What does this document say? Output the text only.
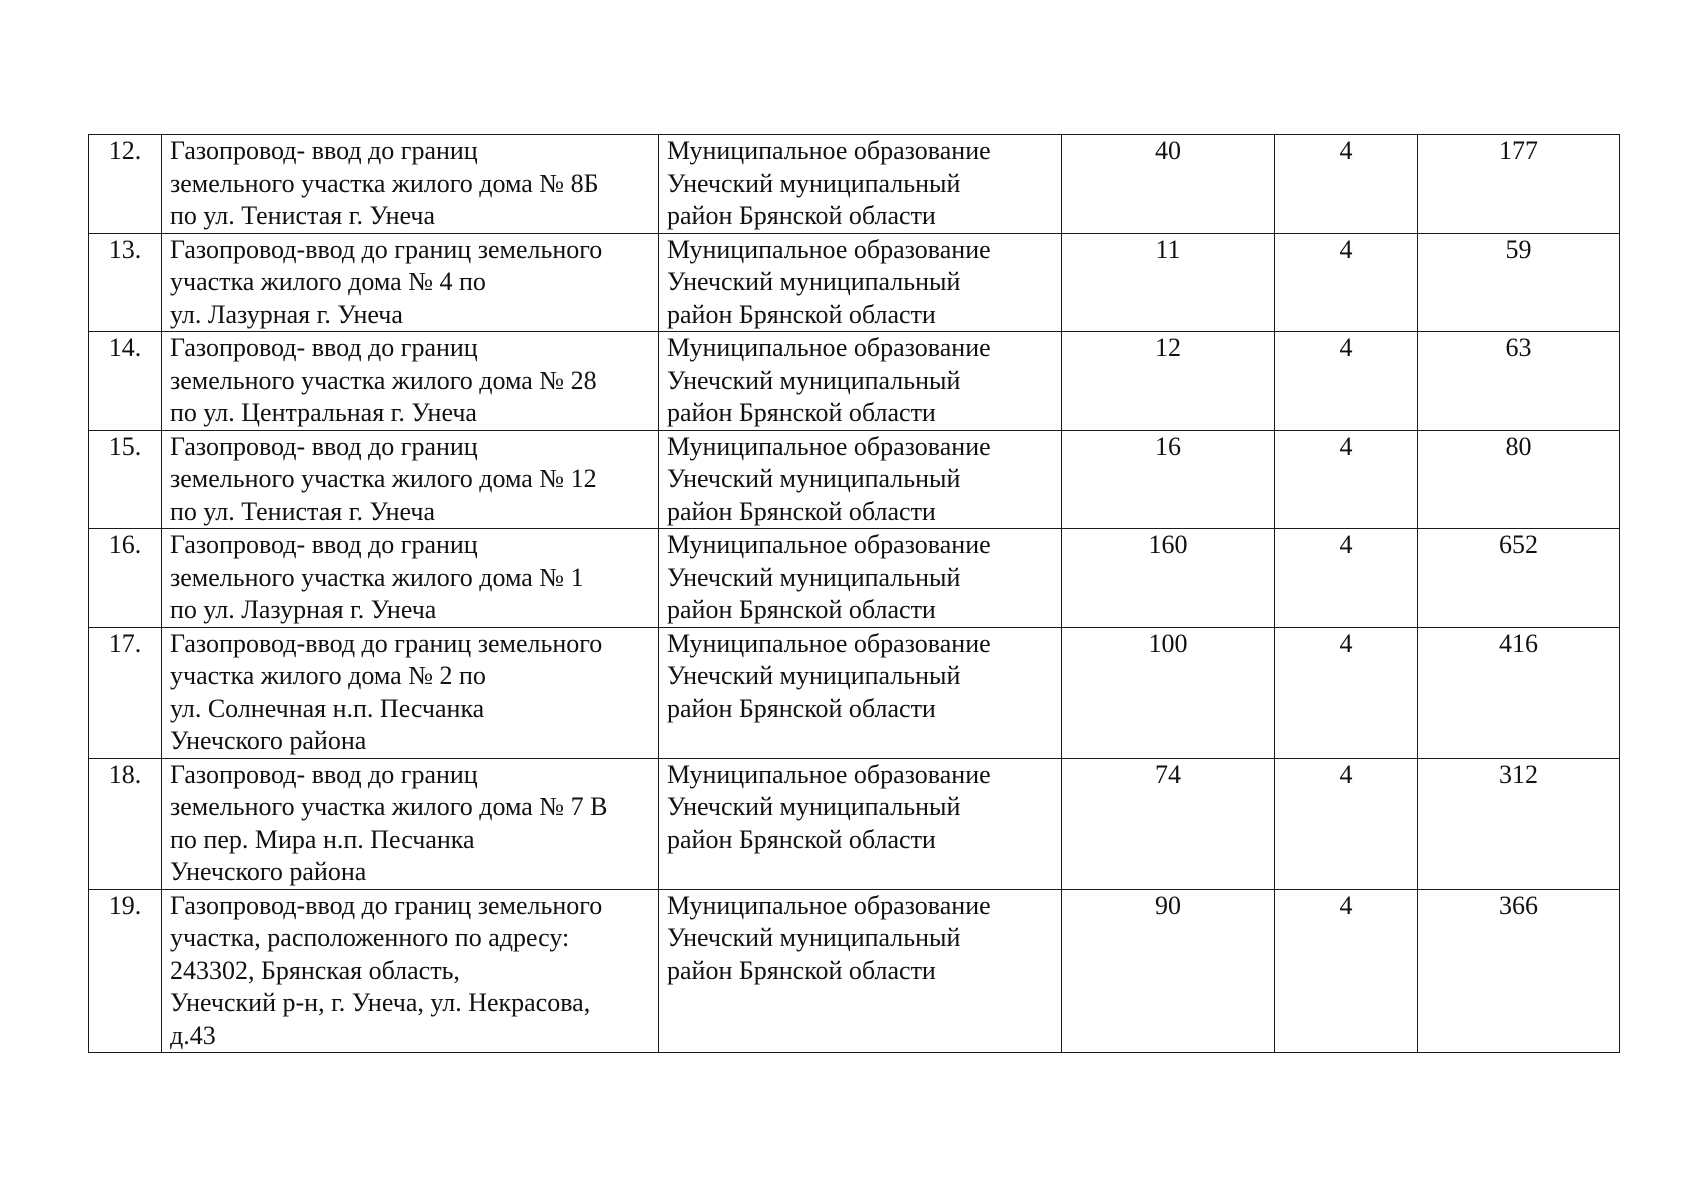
12.	Газопровод- ввод до границ
земельного участка жилого дома № 8Б
по ул. Тенистая г. Унеча	Муниципальное образование
Унечский муниципальный
район Брянской области	40	4	177
13.	Газопровод-ввод до границ земельного
участка жилого дома № 4 по
ул. Лазурная г. Унеча	Муниципальное образование
Унечский муниципальный
район Брянской области	11	4	59
14.	Газопровод- ввод до границ
земельного участка жилого дома № 28
по ул. Центральная г. Унеча	Муниципальное образование
Унечский муниципальный
район Брянской области	12	4	63
15.	Газопровод- ввод до границ
земельного участка жилого дома № 12
по ул. Тенистая г. Унеча	Муниципальное образование
Унечский муниципальный
район Брянской области	16	4	80
16.	Газопровод- ввод до границ
земельного участка жилого дома № 1
по ул. Лазурная г. Унеча	Муниципальное образование
Унечский муниципальный
район Брянской области	160	4	652
17.	Газопровод-ввод до границ земельного
участка жилого дома № 2 по
ул. Солнечная н.п. Песчанка
Унечского района	Муниципальное образование
Унечский муниципальный
район Брянской области	100	4	416
18.	Газопровод- ввод до границ
земельного участка жилого дома № 7 В
по пер. Мира н.п. Песчанка
Унечского района	Муниципальное образование
Унечский муниципальный
район Брянской области	74	4	312
19.	Газопровод-ввод до границ земельного
участка, расположенного по адресу:
243302, Брянская область,
Унечский р-н, г. Унеча, ул. Некрасова,
д.43	Муниципальное образование
Унечский муниципальный
район Брянской области	90	4	366
